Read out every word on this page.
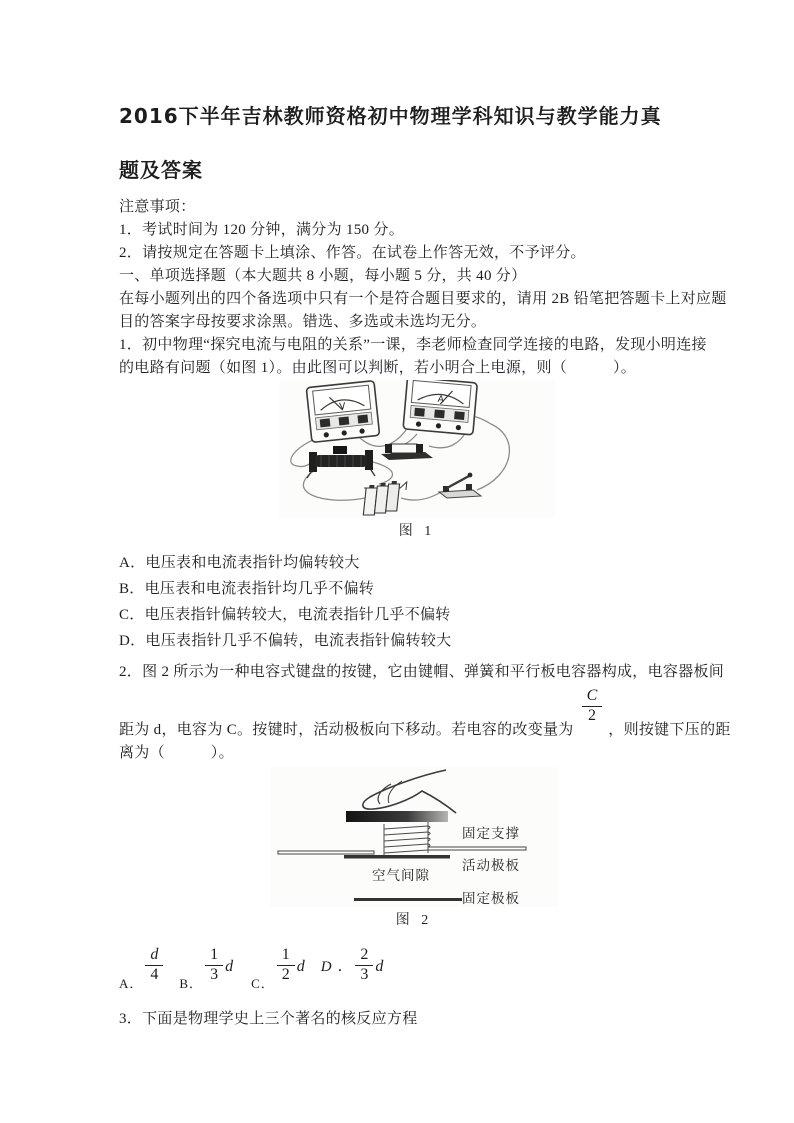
2016下半年吉林教师资格初中物理学科知识与教学能力真
题及答案
注意事项：
1．考试时间为 120 分钟，满分为 150 分。
2．请按规定在答题卡上填涂、作答。在试卷上作答无效，不予评分。
一、单项选择题（本大题共 8 小题，每小题 5 分，共 40 分）
在每小题列出的四个备选项中只有一个是符合题目要求的，请用 2B 铅笔把答题卡上对应题
目的答案字母按要求涂黑。错选、多选或未选均无分。
1．初中物理“探究电流与电阻的关系”一课，李老师检查同学连接的电路，发现小明连接
的电路有问题（如图 1）。由此图可以判断，若小明合上电源，则（　　　）。
V
A
图 1
A．电压表和电流表指针均偏转较大
B．电压表和电流表指针均几乎不偏转
C．电压表指针偏转较大，电流表指针几乎不偏转
D．电压表指针几乎不偏转，电流表指针偏转较大
2．图 2 所示为一种电容式键盘的按键，它由键帽、弹簧和平行板电容器构成，电容器板间
距为 d，电容为 C。按键时，活动极板向下移动。若电容的改变量为
$\frac{C}{2}$
，则按键下压的距
离为（　　　）。
固定支撑
活动极板
空气间隙
固定极板
图 2
A． $\frac{d}{4}$ B． $\frac{1}{3}$ d
C． $\frac{1}{2}$ d D ． $\frac{2}{3}$ d
3．下面是物理学史上三个著名的核反应方程
